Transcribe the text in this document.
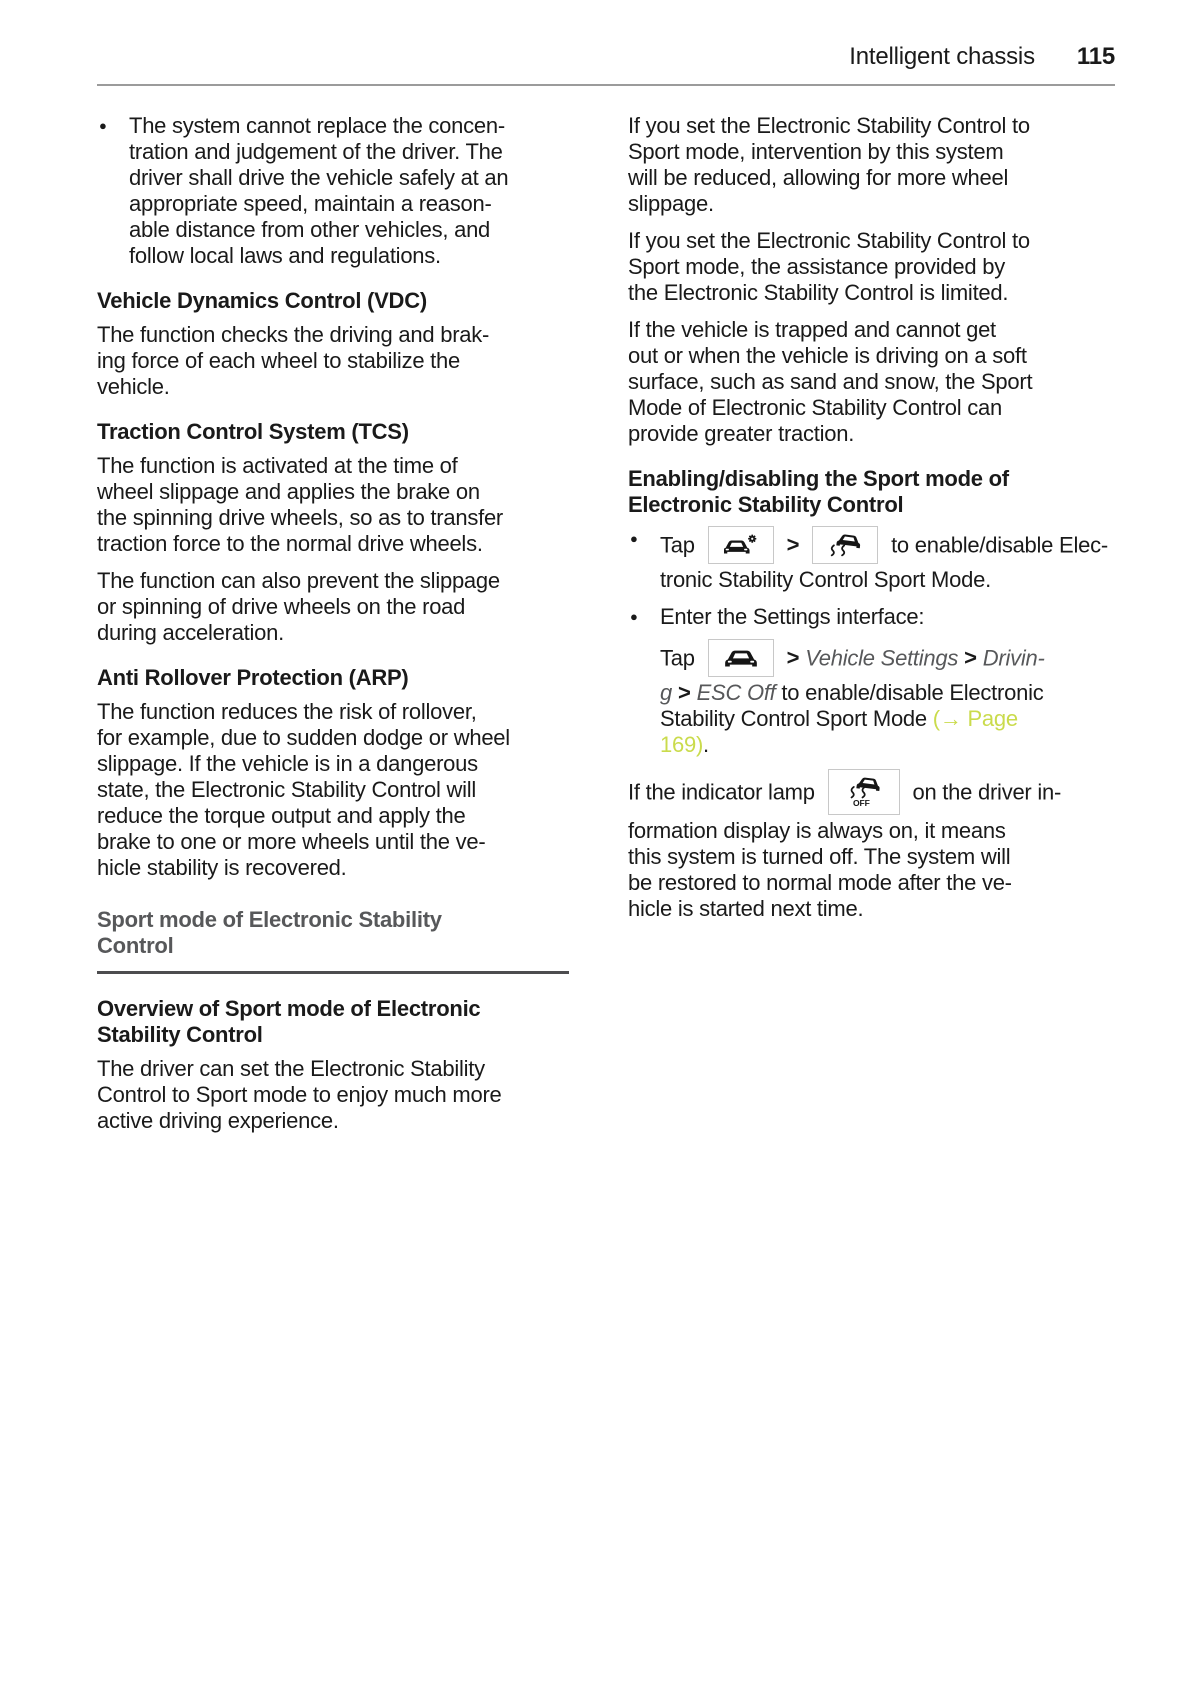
Intelligent chassis 115
●	The system cannot replace the concen-
tration and judgement of the driver. The
driver shall drive the vehicle safely at an
appropriate speed, maintain a reason-
able distance from other vehicles, and
follow local laws and regulations.
Vehicle Dynamics Control (VDC)

The function checks the driving and brak-
ing force of each wheel to stabilize the
vehicle.

Traction Control System (TCS)

The function is activated at the time of
wheel slippage and applies the brake on
the spinning drive wheels, so as to transfer
traction force to the normal drive wheels.

The function can also prevent the slippage
or spinning of drive wheels on the road
during acceleration.

Anti Rollover Protection (ARP)

The function reduces the risk of rollover,
for example, due to sudden dodge or wheel
slippage. If the vehicle is in a dangerous
state, the Electronic Stability Control will
reduce the torque output and apply the
brake to one or more wheels until the ve-
hicle stability is recovered.

Sport mode of Electronic Stability
Control
Overview of Sport mode of Electronic
Stability Control

The driver can set the Electronic Stability
Control to Sport mode to enjoy much more
active driving experience.

If you set the Electronic Stability Control to
Sport mode, intervention by this system
will be reduced, allowing for more wheel
slippage.

If you set the Electronic Stability Control to
Sport mode, the assistance provided by
the Electronic Stability Control is limited.

If the vehicle is trapped and cannot get
out or when the vehicle is driving on a soft
surface, such as sand and snow, the Sport
Mode of Electronic Stability Control can
provide greater traction.

Enabling/disabling the Sport mode of
Electronic Stability Control
●	Tap	>	to enable/disable Elec-
tronic Stability Control Sport Mode.
●	Enter the Settings interface:
Tap	> Vehicle Settings > Drivin-
g > ESC Off to enable/disable Electronic
Stability Control Sport Mode (→ Page
169).

If the indicator lamp	OFF on the driver in-
formation display is always on, it means
this system is turned off. The system will
be restored to normal mode after the ve-
hicle is started next time.
